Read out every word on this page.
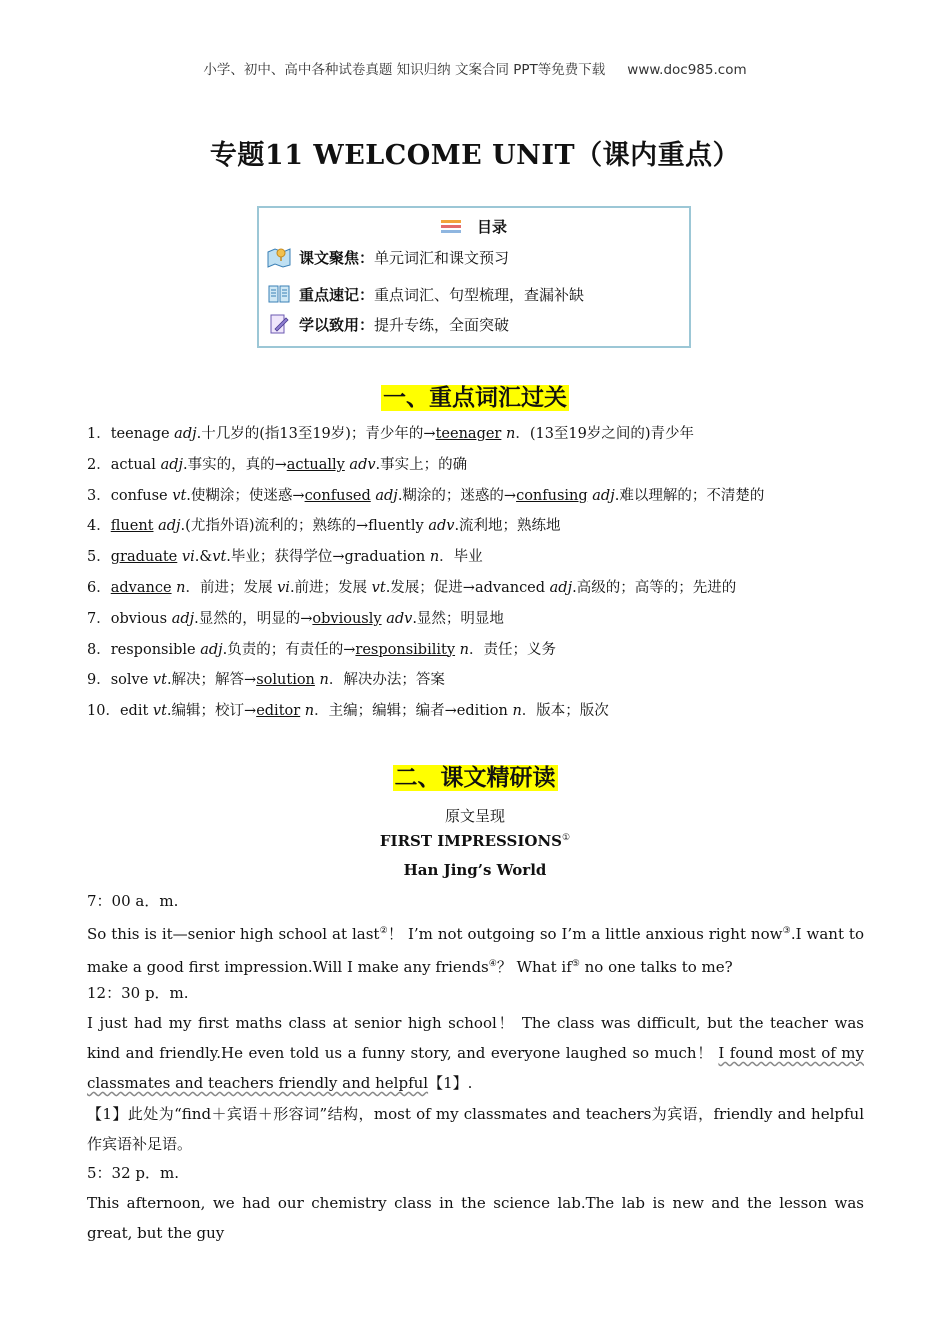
小学、初中、高中各种试卷真题 知识归纳 文案合同 PPT等免费下载 www.doc985.com
专题11 WELCOME UNIT（课内重点）
目录
课文聚焦：单元词汇和课文预习
重点速记：重点词汇、句型梳理，查漏补缺
学以致用：提升专练，全面突破
一、重点词汇过关
1．teenage adj.十几岁的(指13至19岁)；青少年的→teenager n．(13至19岁之间的)青少年
2．actual adj.事实的，真的→actually adv.事实上；的确
3．confuse vt.使糊涂；使迷惑→confused adj.糊涂的；迷惑的→confusing adj.难以理解的；不清楚的
4．fluent adj.(尤指外语)流利的；熟练的→fluently adv.流利地；熟练地
5．graduate vi.&vt.毕业；获得学位→graduation n．毕业
6．advance n．前进；发展 vi.前进；发展 vt.发展；促进→advanced adj.高级的；高等的；先进的
7．obvious adj.显然的，明显的→obviously adv.显然；明显地
8．responsible adj.负责的；有责任的→responsibility n．责任；义务
9．solve vt.解决；解答→solution n．解决办法；答案
10．edit vt.编辑；校订→editor n．主编；编辑；编者→edition n．版本；版次
二、课文精研读
原文呈现
FIRST IMPRESSIONS①
Han Jing’s World
7：00 a．m.
So this is it—senior high school at last②！ I’m not outgoing so I’m a little anxious right now③.I want to make a good first impression.Will I make any friends④？ What if⑤ no one talks to me?
12：30 p．m.
I just had my first maths class at senior high school！ The class was difficult, but the teacher was kind and friendly.He even told us a funny story, and everyone laughed so much！ I found most of my classmates and teachers friendly and helpful【1】.
【1】此处为“find＋宾语＋形容词”结构，most of my classmates and teachers为宾语，friendly and helpful作宾语补足语。
5：32 p．m.
This afternoon, we had our chemistry class in the science lab.The lab is new and the lesson was great, but the guy
